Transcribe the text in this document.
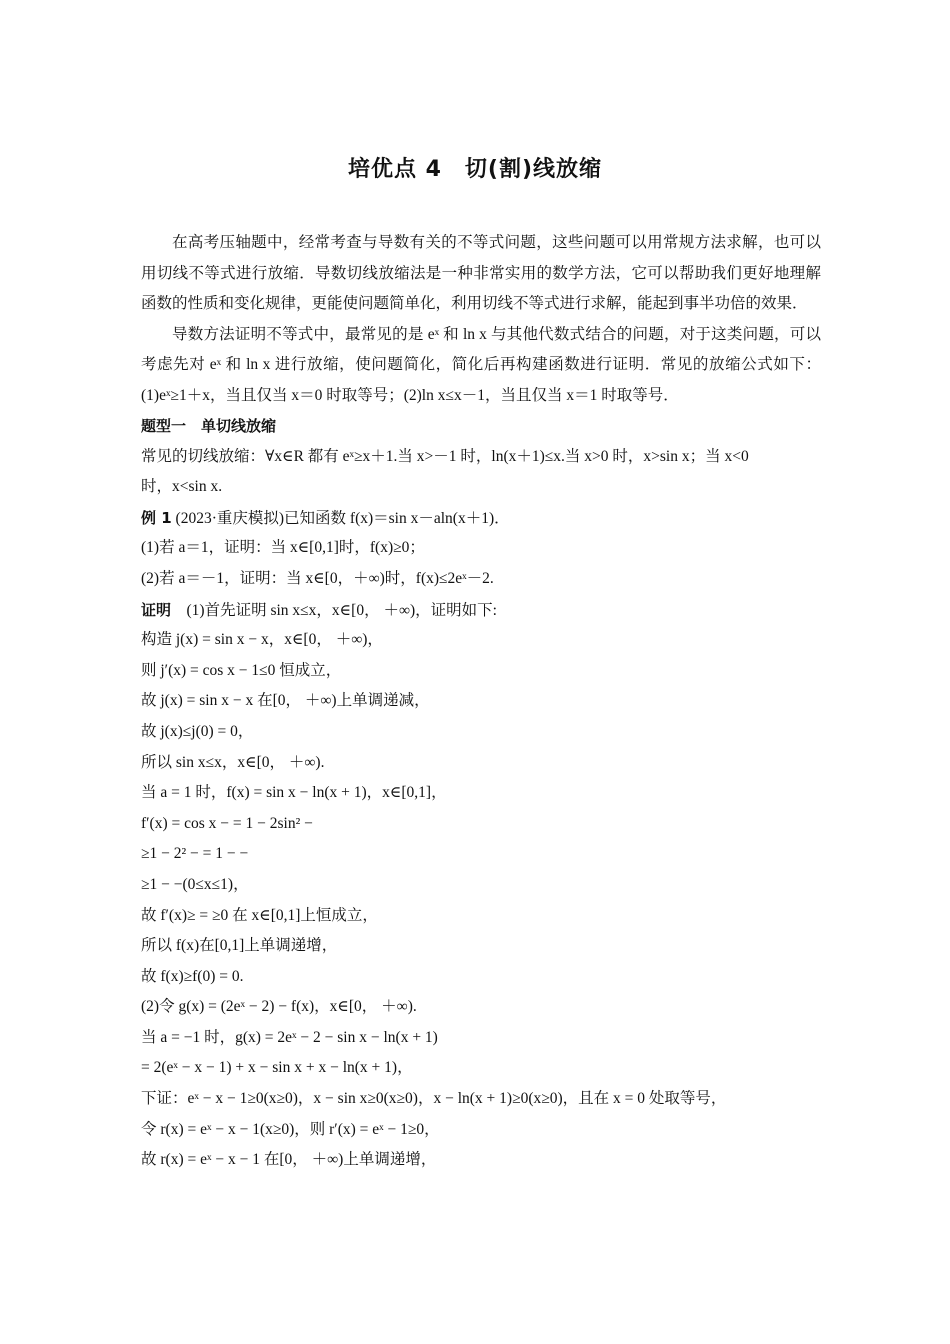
培优点 4　切(割)线放缩

在高考压轴题中，经常考查与导数有关的不等式问题，这些问题可以用常规方法求解，也可以用切线不等式进行放缩．导数切线放缩法是一种非常实用的数学方法，它可以帮助我们更好地理解函数的性质和变化规律，更能使问题简单化，利用切线不等式进行求解，能起到事半功倍的效果．

导数方法证明不等式中，最常见的是 eˣ 和 ln x 与其他代数式结合的问题，对于这类问题，可以考虑先对 eˣ 和 ln x 进行放缩，使问题简化，简化后再构建函数进行证明．常见的放缩公式如下：(1)eˣ≥1＋x，当且仅当 x＝0 时取等号；(2)ln x≤x－1，当且仅当 x＝1 时取等号．

题型一　单切线放缩

常见的切线放缩：∀x∈R 都有 eˣ≥x＋1.当 x>－1 时，ln(x＋1)≤x.当 x>0 时，x>sin x；当 x<0

时，x<sin x.

例 1 (2023·重庆模拟)已知函数 f(x)＝sin x－aln(x＋1)．

(1)若 a＝1，证明：当 x∈[0,1]时，f(x)≥0；

(2)若 a＝－1，证明：当 x∈[0，＋∞)时，f(x)≤2eˣ－2.

证明　(1)首先证明 sin x≤x，x∈[0， ＋∞)，证明如下:

构造 j(x) = sin x − x，x∈[0， ＋∞)，

则 j′(x) = cos x − 1≤0 恒成立，

故 j(x) = sin x − x 在[0， ＋∞)上单调递减，

故 j(x)≤j(0) = 0，

所以 sin x≤x，x∈[0， ＋∞).

当 a = 1 时，f(x) = sin x − ln(x + 1)，x∈[0,1]，

f′(x) = cos x − = 1 − 2sin² −

≥1 − 2² − = 1 − −

≥1 − −(0≤x≤1)，

故 f′(x)≥ = ≥0 在 x∈[0,1]上恒成立，

所以 f(x)在[0,1]上单调递增，

故 f(x)≥f(0) = 0.

(2)令 g(x) = (2eˣ − 2) − f(x)，x∈[0， ＋∞).

当 a = −1 时，g(x) = 2eˣ − 2 − sin x − ln(x + 1)

= 2(eˣ − x − 1) + x − sin x + x − ln(x + 1)，

下证：eˣ − x − 1≥0(x≥0)，x − sin x≥0(x≥0)，x − ln(x + 1)≥0(x≥0)，且在 x = 0 处取等号，

令 r(x) = eˣ − x − 1(x≥0)，则 r′(x) = eˣ − 1≥0，

故 r(x) = eˣ − x − 1 在[0， ＋∞)上单调递增，
